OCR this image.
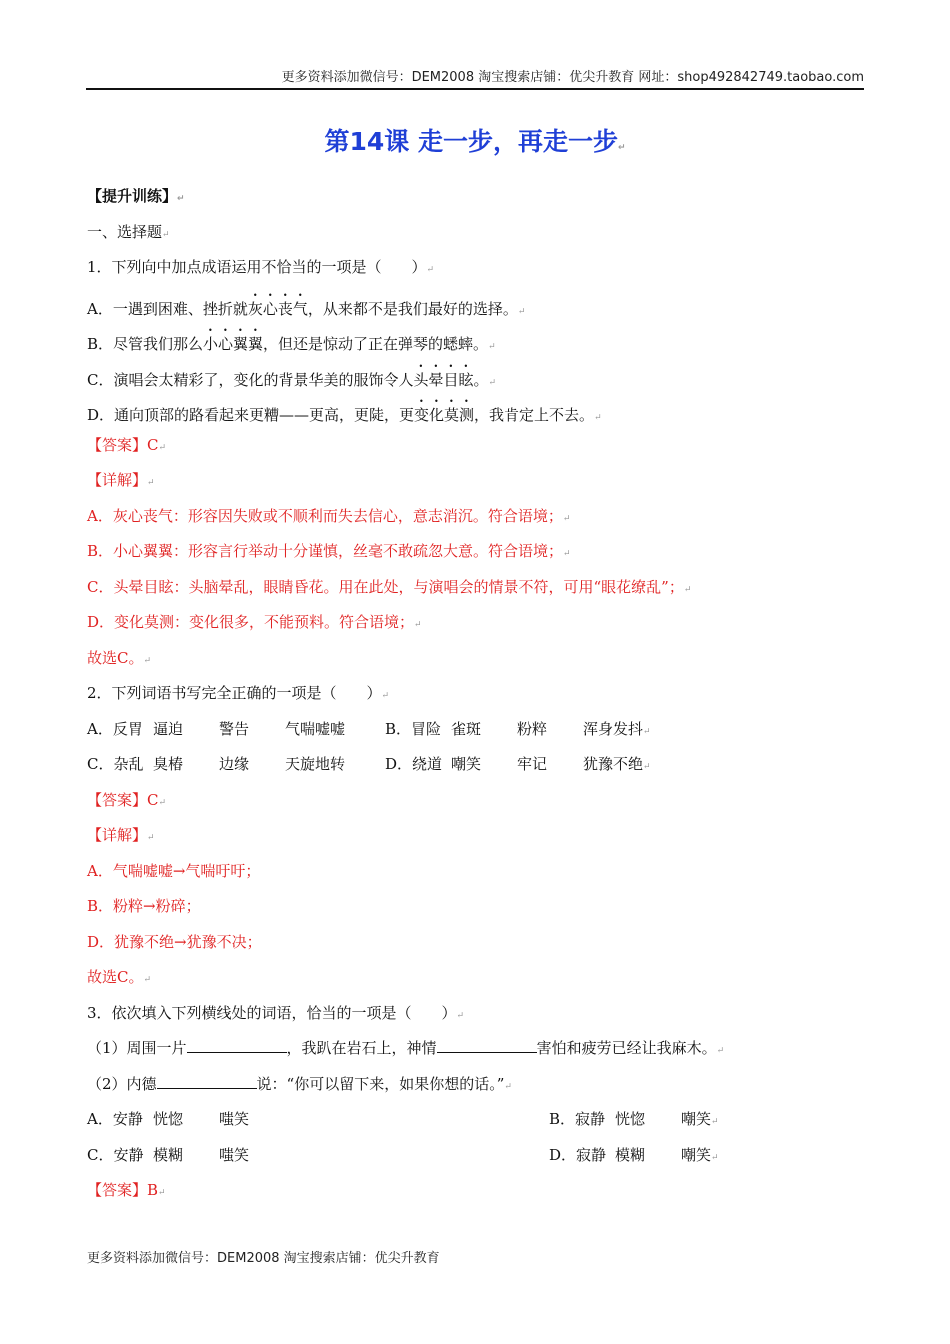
更多资料添加微信号：DEM2008 淘宝搜索店铺：优尖升教育 网址：shop492842749.taobao.com
第14课 走一步，再走一步↵
【提升训练】↵
一、选择题↵
1．下列向中加点成语运用不恰当的一项是（　　）↵
A．一遇到困难、挫折就灰心丧气，从来都不是我们最好的选择。↵
B．尽管我们那么小心翼翼，但还是惊动了正在弹琴的蟋蟀。↵
C．演唱会太精彩了，变化的背景华美的服饰令人头晕目眩。↵
D．通向顶部的路看起来更糟——更高，更陡，更变化莫测，我肯定上不去。↵
【答案】C↵
【详解】↵
A．灰心丧气：形容因失败或不顺利而失去信心，意志消沉。符合语境；↵
B．小心翼翼：形容言行举动十分谨慎，丝毫不敢疏忽大意。符合语境；↵
C．头晕目眩：头脑晕乱，眼睛昏花。用在此处，与演唱会的情景不符，可用“眼花缭乱”；↵
D．变化莫测：变化很多，不能预料。符合语境；↵
故选C。↵
2．下列词语书写完全正确的一项是（　　）↵
A．反胃 逼迫 警告 气喘嘘嘘	B．冒险 雀斑 粉粹 浑身发抖↵
C．杂乱 臭椿 边缘 天旋地转	D．绕道 嘲笑 牢记 犹豫不绝↵
【答案】C↵
【详解】↵
A．气喘嘘嘘→气喘吁吁；
B．粉粹→粉碎；
D．犹豫不绝→犹豫不决；
故选C。↵
3．依次填入下列横线处的词语，恰当的一项是（　　）↵
（1）周围一片	，我趴在岩石上，神情	害怕和疲劳已经让我麻木。↵
（2）内德	说：“你可以留下来，如果你想的话。”↵
A．安静 恍惚 嗤笑	B．寂静 恍惚 嘲笑↵
C．安静 模糊 嗤笑	D．寂静 模糊 嘲笑↵
【答案】B↵
更多资料添加微信号：DEM2008 淘宝搜索店铺：优尖升教育
